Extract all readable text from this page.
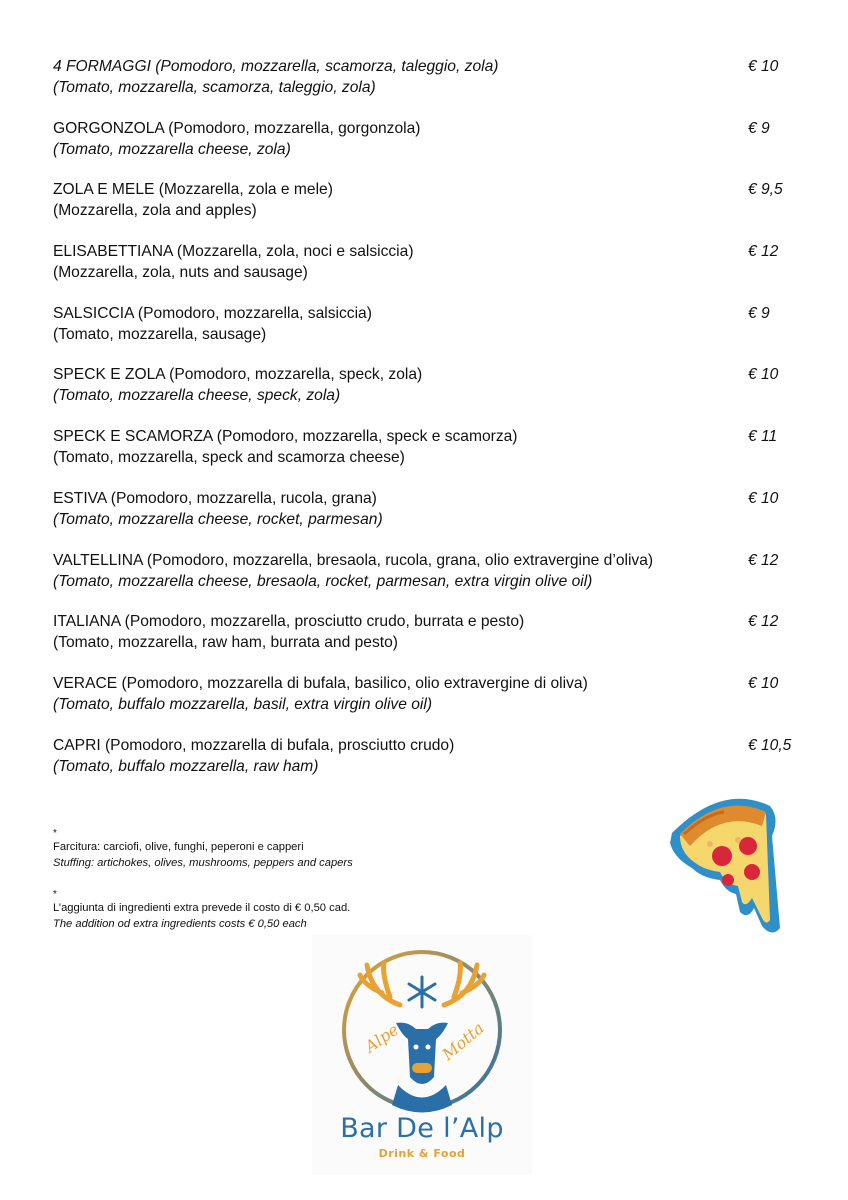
4 FORMAGGI (Pomodoro, mozzarella, scamorza, taleggio, zola)
(Tomato, mozzarella, scamorza, taleggio, zola)
€ 10
GORGONZOLA (Pomodoro, mozzarella, gorgonzola)
(Tomato, mozzarella cheese, zola)
€ 9
ZOLA E MELE (Mozzarella, zola e mele)
(Mozzarella, zola and apples)
€ 9,5
ELISABETTIANA (Mozzarella, zola, noci e salsiccia)
(Mozzarella, zola, nuts and sausage)
€ 12
SALSICCIA (Pomodoro, mozzarella, salsiccia)
(Tomato, mozzarella, sausage)
€ 9
SPECK E ZOLA (Pomodoro, mozzarella, speck, zola)
(Tomato, mozzarella cheese, speck, zola)
€ 10
SPECK E SCAMORZA (Pomodoro, mozzarella, speck e scamorza)
(Tomato, mozzarella, speck and scamorza cheese)
€ 11
ESTIVA (Pomodoro, mozzarella, rucola, grana)
(Tomato, mozzarella cheese, rocket, parmesan)
€ 10
VALTELLINA (Pomodoro, mozzarella, bresaola, rucola, grana, olio extravergine d’oliva)
(Tomato, mozzarella cheese, bresaola, rocket, parmesan, extra virgin olive oil)
€ 12
ITALIANA (Pomodoro, mozzarella, prosciutto crudo, burrata e pesto)
(Tomato, mozzarella, raw ham, burrata and pesto)
€ 12
VERACE (Pomodoro, mozzarella di bufala, basilico, olio extravergine di oliva)
(Tomato, buffalo mozzarella, basil, extra virgin olive oil)
€ 10
CAPRI (Pomodoro, mozzarella di bufala, prosciutto crudo)
(Tomato, buffalo mozzarella, raw ham)
€ 10,5
*
Farcitura: carciofi, olive, funghi, peperoni e capperi
Stuffing: artichokes, olives, mushrooms, peppers and capers
*
L’aggiunta di ingredienti extra prevede il costo di € 0,50 cad.
The addition od extra ingredients costs € 0,50 each
Alpe Motta
Bar De l’Alp
Drink & Food
